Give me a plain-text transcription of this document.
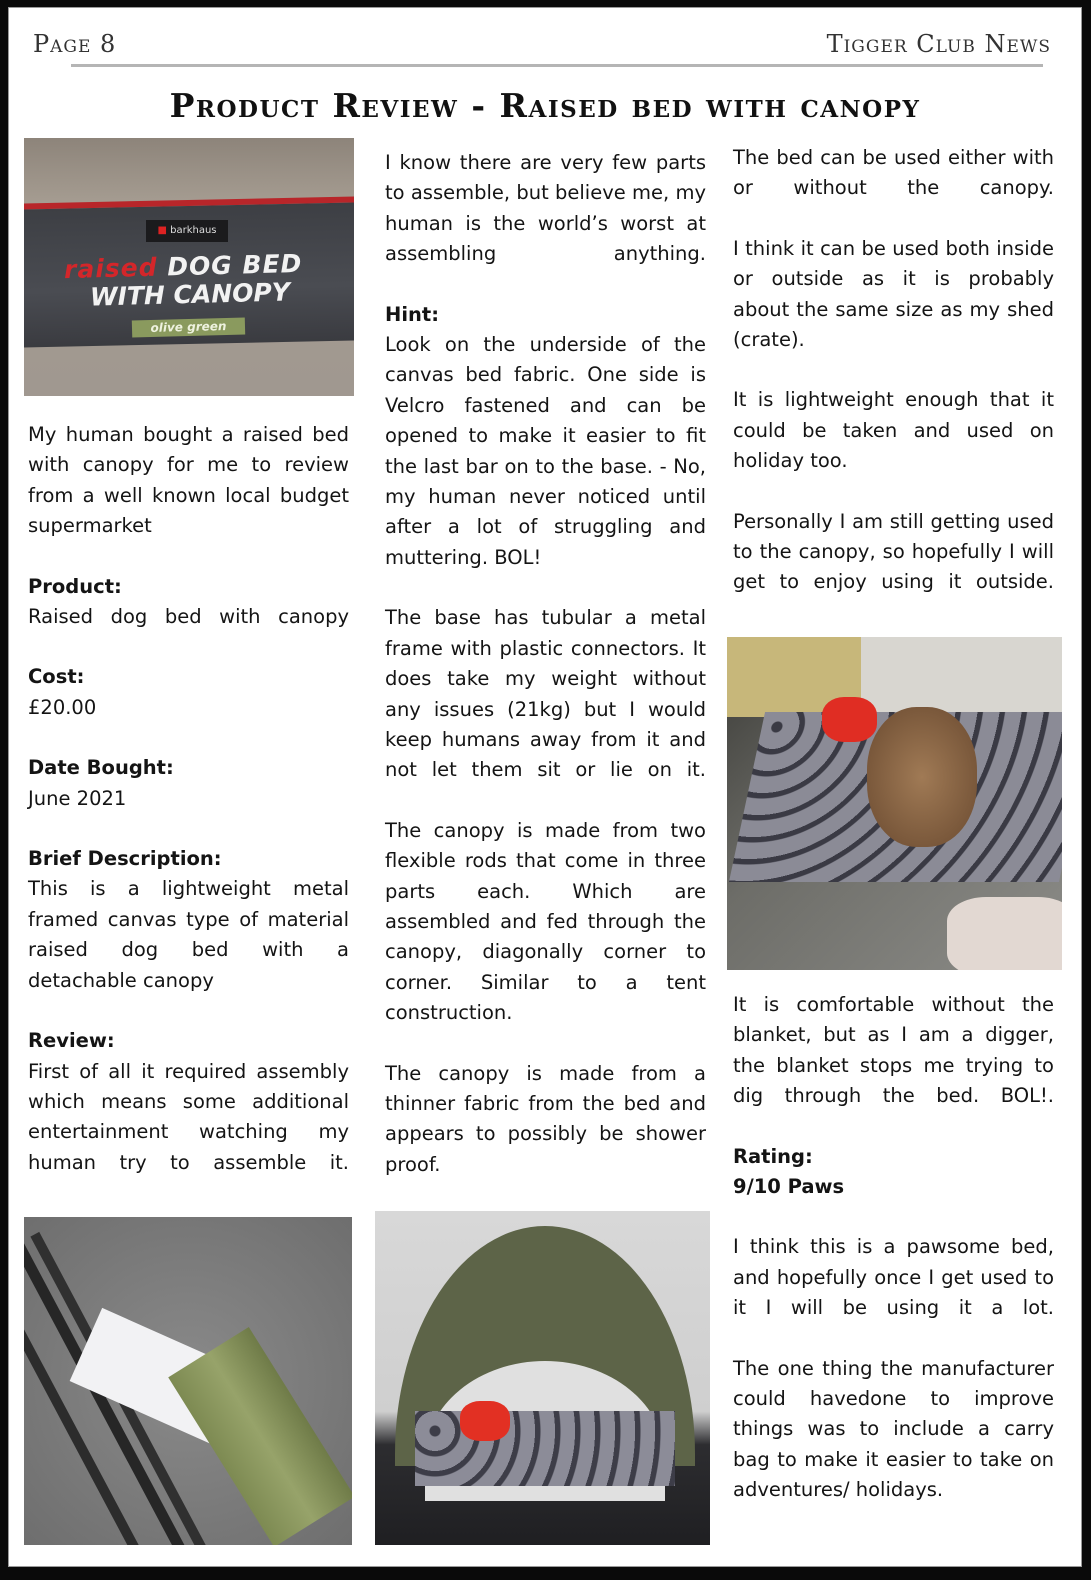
Page 8	Tigger Club News
Product Review - Raised bed with canopy
■ barkhaus
raised DOG BED
WITH CANOPY
olive green

My human bought a raised bed with canopy for me to review from a well known local budget supermarket

Product:

Raised dog bed with canopy

Cost:

£20.00

Date Bought:

June 2021

Brief Description:

This is a lightweight metal framed canvas type of material raised dog bed with a detachable canopy

Review:

First of all it required assembly which means some additional entertainment watching my human try to assemble it.

I know there are very few parts to assemble, but believe me, my human is the world’s worst at assembling anything.

Hint:

Look on the underside of the canvas bed fabric. One side is Velcro fastened and can be opened to make it easier to fit the last bar on to the base. - No, my human never noticed until after a lot of struggling and muttering. BOL!

The base has tubular a metal frame with plastic connectors. It does take my weight without any issues (21kg) but I would keep humans away from it and not let them sit or lie on it.

The canopy is made from two flexible rods that come in three parts each. Which are assembled and fed through the canopy, diagonally corner to corner. Similar to a tent construction.

The canopy is made from a thinner fabric from the bed and appears to possibly be shower proof.

The bed can be used either with or without the canopy.

I think it can be used both inside or outside as it is probably about the same size as my shed (crate).

It is lightweight enough that it could be taken and used on holiday too.

Personally I am still getting used to the canopy, so hopefully I will get to enjoy using it outside.

It is comfortable without the blanket, but as I am a digger, the blanket stops me trying to dig through the bed. BOL!.

Rating:

9/10 Paws

I think this is a pawsome bed, and hopefully once I get used to it I will be using it a lot.

The one thing the manufacturer could havedone to improve things was to include a carry bag to make it easier to take on adventures/ holidays.
